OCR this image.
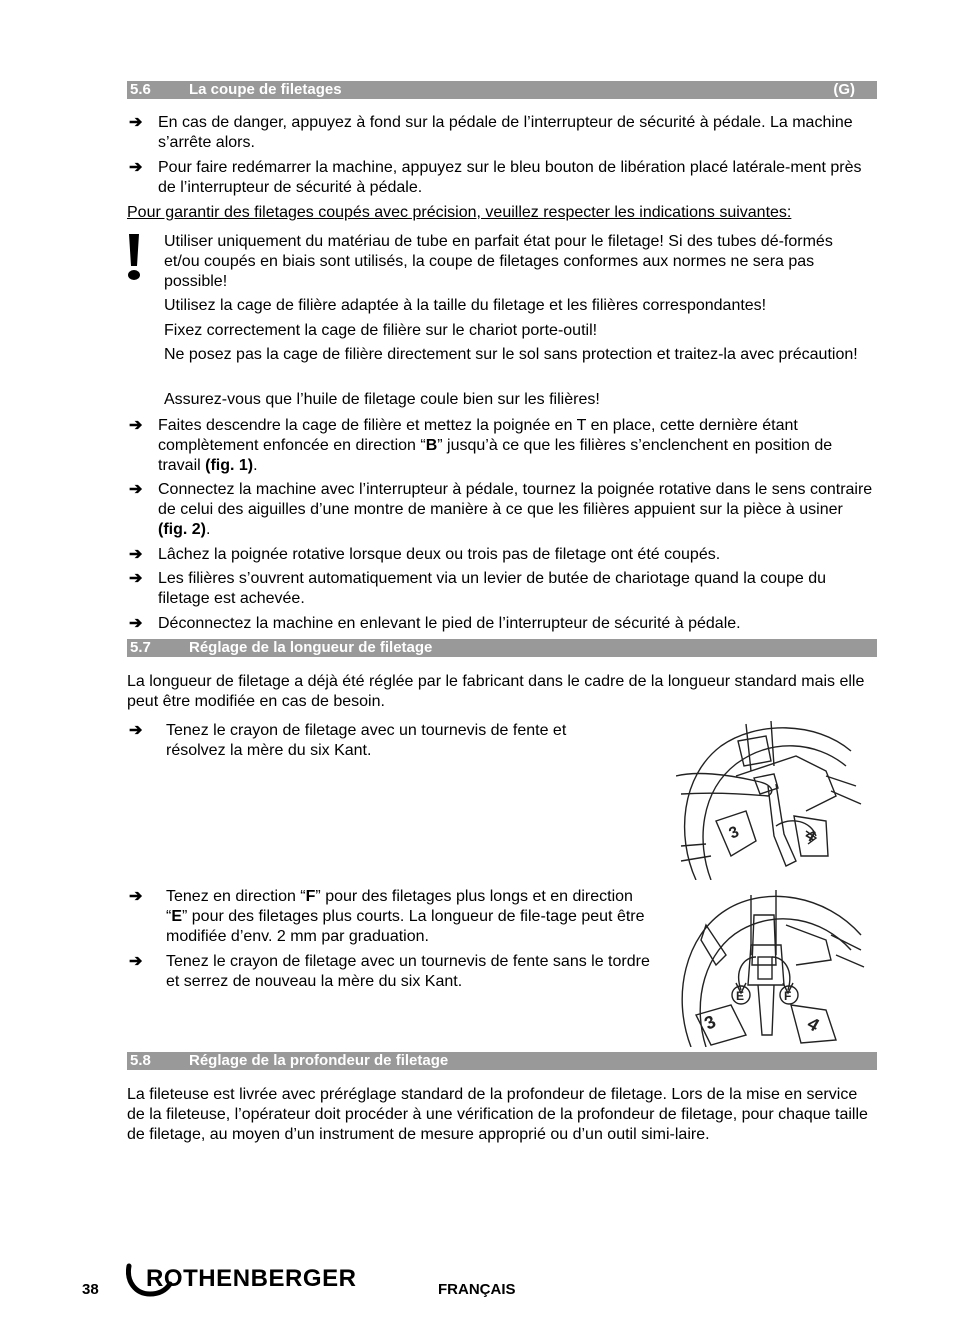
5.6	La coupe de filetages	(G)
➔ En cas de danger, appuyez à fond sur la pédale de l’interrupteur de sécurité à pédale. La machine s’arrête alors.
➔ Pour faire redémarrer la machine, appuyez sur le bleu bouton de libération placé latérale-ment près de l’interrupteur de sécurité à pédale.
Pour garantir des filetages coupés avec précision, veuillez respecter les indications suivantes:
Utiliser uniquement du matériau de tube en parfait état pour le filetage! Si des tubes dé-formés et/ou coupés en biais sont utilisés, la coupe de filetages conformes aux normes ne sera pas possible!
Utilisez la cage de filière adaptée à la taille du filetage et les filières correspondantes!
Fixez correctement la cage de filière sur le chariot porte-outil!
Ne posez pas la cage de filière directement sur le sol sans protection et traitez-la avec précaution!
Assurez-vous que l’huile de filetage coule bien sur les filières!
➔ Faites descendre la cage de filière et mettez la poignée en T en place, cette dernière étant complètement enfoncée en direction “B” jusqu’à ce que les filières s’enclenchent en position de travail (fig. 1).
➔ Connectez la machine avec l’interrupteur à pédale, tournez la poignée rotative dans le sens contraire de celui des aiguilles d’une montre de manière à ce que les filières appuient sur la pièce à usiner (fig. 2).
➔ Lâchez la poignée rotative lorsque deux ou trois pas de filetage ont été coupés.
➔ Les filières s’ouvrent automatiquement via un levier de butée de chariotage quand la coupe du filetage est achevée.
➔ Déconnectez la machine en enlevant le pied de l’interrupteur de sécurité à pédale.
5.7	Réglage de la longueur de filetage
La longueur de filetage a déjà été réglée par le fabricant dans le cadre de la longueur standard mais elle peut être modifiée en cas de besoin.
➔ Tenez le crayon de filetage avec un tournevis de fente et résolvez la mère du six Kant.
➔ Tenez en direction “F” pour des filetages plus longs et en direction “E” pour des filetages plus courts. La longueur de file-tage peut être modifiée d’env. 2 mm par graduation.
➔ Tenez le crayon de filetage avec un tournevis de fente sans le tordre et serrez de nouveau la mère du six Kant.
3	4
E	F
3	4
5.8	Réglage de la profondeur de filetage
La fileteuse est livrée avec préréglage standard de la profondeur de filetage. Lors de la mise en service de la fileteuse, l’opérateur doit procéder à une vérification de la profondeur de filetage, pour chaque taille de filetage, au moyen d’un instrument de mesure approprié ou d’un outil simi-laire.
38 ROTHENBERGER	FRANÇAIS
